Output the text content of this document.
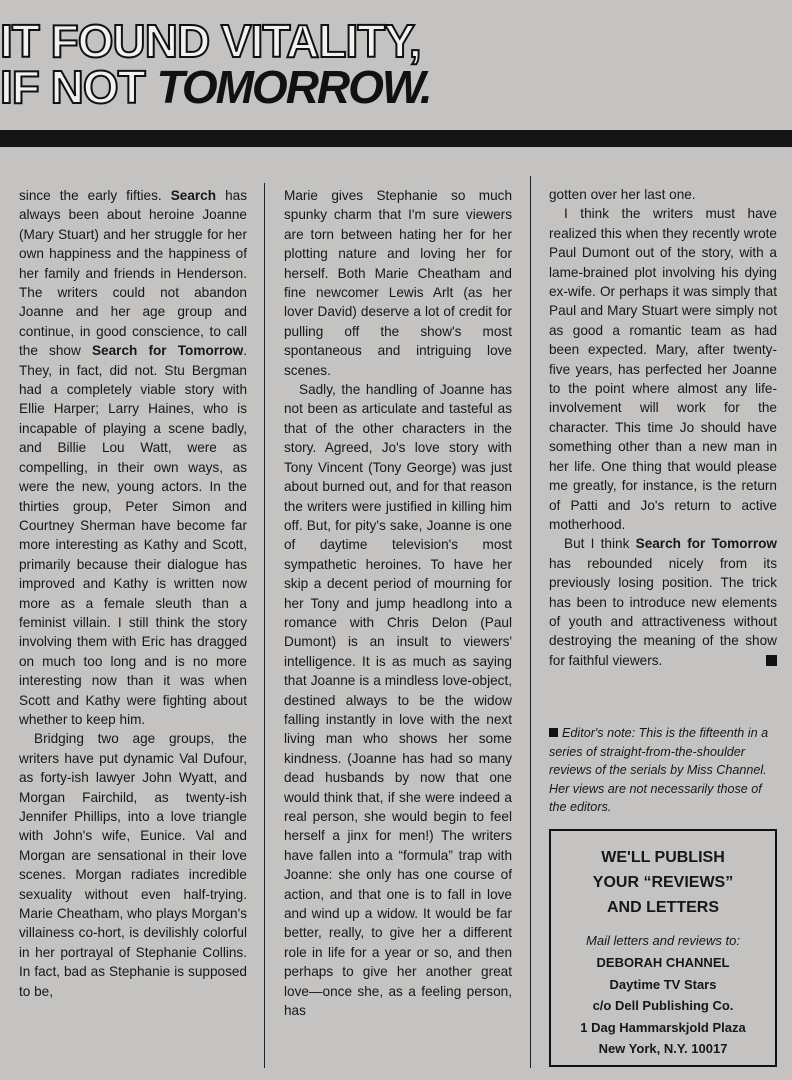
IT FOUND VITALITY,
IF NOT TOMORROW.

since the early fifties. Search has always been about heroine Joanne (Mary Stuart) and her struggle for her own happiness and the happiness of her family and friends in Henderson. The writers could not abandon Joanne and her age group and continue, in good conscience, to call the show Search for Tomorrow. They, in fact, did not. Stu Bergman had a completely viable story with Ellie Harper; Larry Haines, who is incapable of playing a scene badly, and Billie Lou Watt, were as compelling, in their own ways, as were the new, young actors. In the thirties group, Peter Simon and Courtney Sherman have become far more interesting as Kathy and Scott, primarily because their dialogue has improved and Kathy is written now more as a female sleuth than a feminist villain. I still think the story involving them with Eric has dragged on much too long and is no more interesting now than it was when Scott and Kathy were fighting about whether to keep him.

Bridging two age groups, the writers have put dynamic Val Dufour, as forty-ish lawyer John Wyatt, and Morgan Fairchild, as twenty-ish Jennifer Phillips, into a love triangle with John's wife, Eunice. Val and Morgan are sensational in their love scenes. Morgan radiates incredible sexuality without even half-trying. Marie Cheatham, who plays Morgan's villainess co-hort, is devilishly colorful in her portrayal of Stephanie Collins. In fact, bad as Stephanie is supposed to be,

Marie gives Stephanie so much spunky charm that I'm sure viewers are torn between hating her for her plotting nature and loving her for herself. Both Marie Cheatham and fine newcomer Lewis Arlt (as her lover David) deserve a lot of credit for pulling off the show's most spontaneous and intriguing love scenes.

Sadly, the handling of Joanne has not been as articulate and tasteful as that of the other characters in the story. Agreed, Jo's love story with Tony Vincent (Tony George) was just about burned out, and for that reason the writers were justified in killing him off. But, for pity's sake, Joanne is one of daytime television's most sympathetic heroines. To have her skip a decent period of mourning for her Tony and jump headlong into a romance with Chris Delon (Paul Dumont) is an insult to viewers' intelligence. It is as much as saying that Joanne is a mindless love-object, destined always to be the widow falling instantly in love with the next living man who shows her some kindness. (Joanne has had so many dead husbands by now that one would think that, if she were indeed a real person, she would begin to feel herself a jinx for men!) The writers have fallen into a “formula” trap with Joanne: she only has one course of action, and that one is to fall in love and wind up a widow. It would be far better, really, to give her a different role in life for a year or so, and then perhaps to give her another great love—once she, as a feeling person, has

gotten over her last one.

I think the writers must have realized this when they recently wrote Paul Dumont out of the story, with a lame-brained plot involving his dying ex-wife. Or perhaps it was simply that Paul and Mary Stuart were simply not as good a romantic team as had been expected. Mary, after twenty-five years, has perfected her Joanne to the point where almost any life-involvement will work for the character. This time Jo should have something other than a new man in her life. One thing that would please me greatly, for instance, is the return of Patti and Jo's return to active motherhood.

But I think Search for Tomorrow has rebounded nicely from its previously losing position. The trick has been to introduce new elements of youth and attractiveness without destroying the meaning of the show for faithful viewers.

Editor's note: This is the fifteenth in a series of straight-from-the-shoulder reviews of the serials by Miss Channel. Her views are not necessarily those of the editors.
WE'LL PUBLISH
YOUR “REVIEWS”
AND LETTERS
Mail letters and reviews to:
DEBORAH CHANNEL
Daytime TV Stars
c/o Dell Publishing Co.
1 Dag Hammarskjold Plaza
New York, N.Y. 10017
